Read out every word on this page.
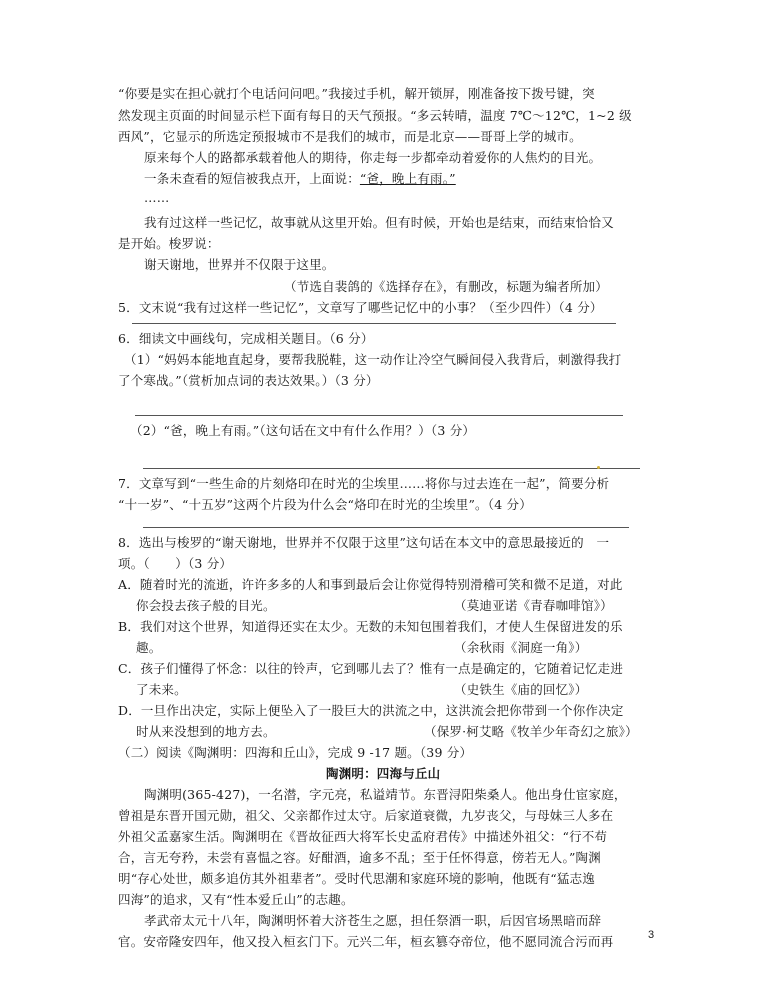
“你要是实在担心就打个电话问问吧。”我接过手机，解开锁屏，刚准备按下拨号键，突
然发现主页面的时间显示栏下面有每日的天气预报。“多云转晴，温度 7℃～12℃，1~2 级
西风”，它显示的所选定预报城市不是我们的城市，而是北京——哥哥上学的城市。
原来每个人的路都承载着他人的期待，你走每一步都牵动着爱你的人焦灼的目光。
一条未查看的短信被我点开，上面说：“爸，晚上有雨。”
……
我有过这样一些记忆，故事就从这里开始。但有时候，开始也是结束，而结束恰恰又
是开始。梭罗说：
谢天谢地，世界并不仅限于这里。
（节选自裴鸽的《选择存在》，有删改，标题为编者所加）
5．文末说“我有过这样一些记忆”，文章写了哪些记忆中的小事？（至少四件）（4 分）
6．细读文中画线句，完成相关题目。（6 分）
（1）“妈妈本能地直起身，要帮我脱鞋，这一动作让冷空气瞬间侵入我背后，刺激得我打
了个寒战。”（赏析加点词的表达效果。）（3 分）
（2）“爸，晚上有雨。”（这句话在文中有什么作用？）（3 分）
7．文章写到“一些生命的片刻烙印在时光的尘埃里……将你与过去连在一起”，简要分析
“十一岁”、“十五岁”这两个片段为什么会“烙印在时光的尘埃里”。（4 分）
8．选出与梭罗的“谢天谢地，世界并不仅限于这里”这句话在本文中的意思最接近的　一
项。（　　）（3 分）
A．随着时光的流逝，许许多多的人和事到最后会让你觉得特别滑稽可笑和微不足道，对此
你会投去孩子般的目光。	（莫迪亚诺《青春咖啡馆》）
B．我们对这个世界，知道得还实在太少。无数的未知包围着我们，才使人生保留进发的乐
趣。	（余秋雨《洞庭一角》）
C．孩子们懂得了怀念：以往的铃声，它到哪儿去了？惟有一点是确定的，它随着记忆走进
了未来。	（史铁生《庙的回忆》）
D．一旦作出决定，实际上便坠入了一股巨大的洪流之中，这洪流会把你带到一个你作决定
时从来没想到的地方去。	（保罗·柯艾略《牧羊少年奇幻之旅》）
（二）阅读《陶渊明：四海和丘山》，完成 9 -17 题。（39 分）
陶渊明：四海与丘山
陶渊明(365-427)，一名潜，字元亮，私谥靖节。东晋浔阳柴桑人。他出身仕宦家庭，
曾祖是东晋开国元勋，祖父、父亲都作过太守。后家道衰微，九岁丧父，与母妹三人多在
外祖父孟嘉家生活。陶渊明在《晋故征西大将军长史孟府君传》中描述外祖父：“行不苟
合，言无夸矜，未尝有喜愠之容。好酣酒，逾多不乱；至于任怀得意，傍若无人。”陶渊
明“存心处世，颇多追仿其外祖辈者”。受时代思潮和家庭环境的影响，他既有“猛志逸
四海”的追求，又有“性本爱丘山”的志趣。
孝武帝太元十八年，陶渊明怀着大济苍生之愿，担任祭酒一职，后因官场黑暗而辞
官。安帝隆安四年，他又投入桓玄门下。元兴二年，桓玄篡夺帝位，他不愿同流合污而再	3
